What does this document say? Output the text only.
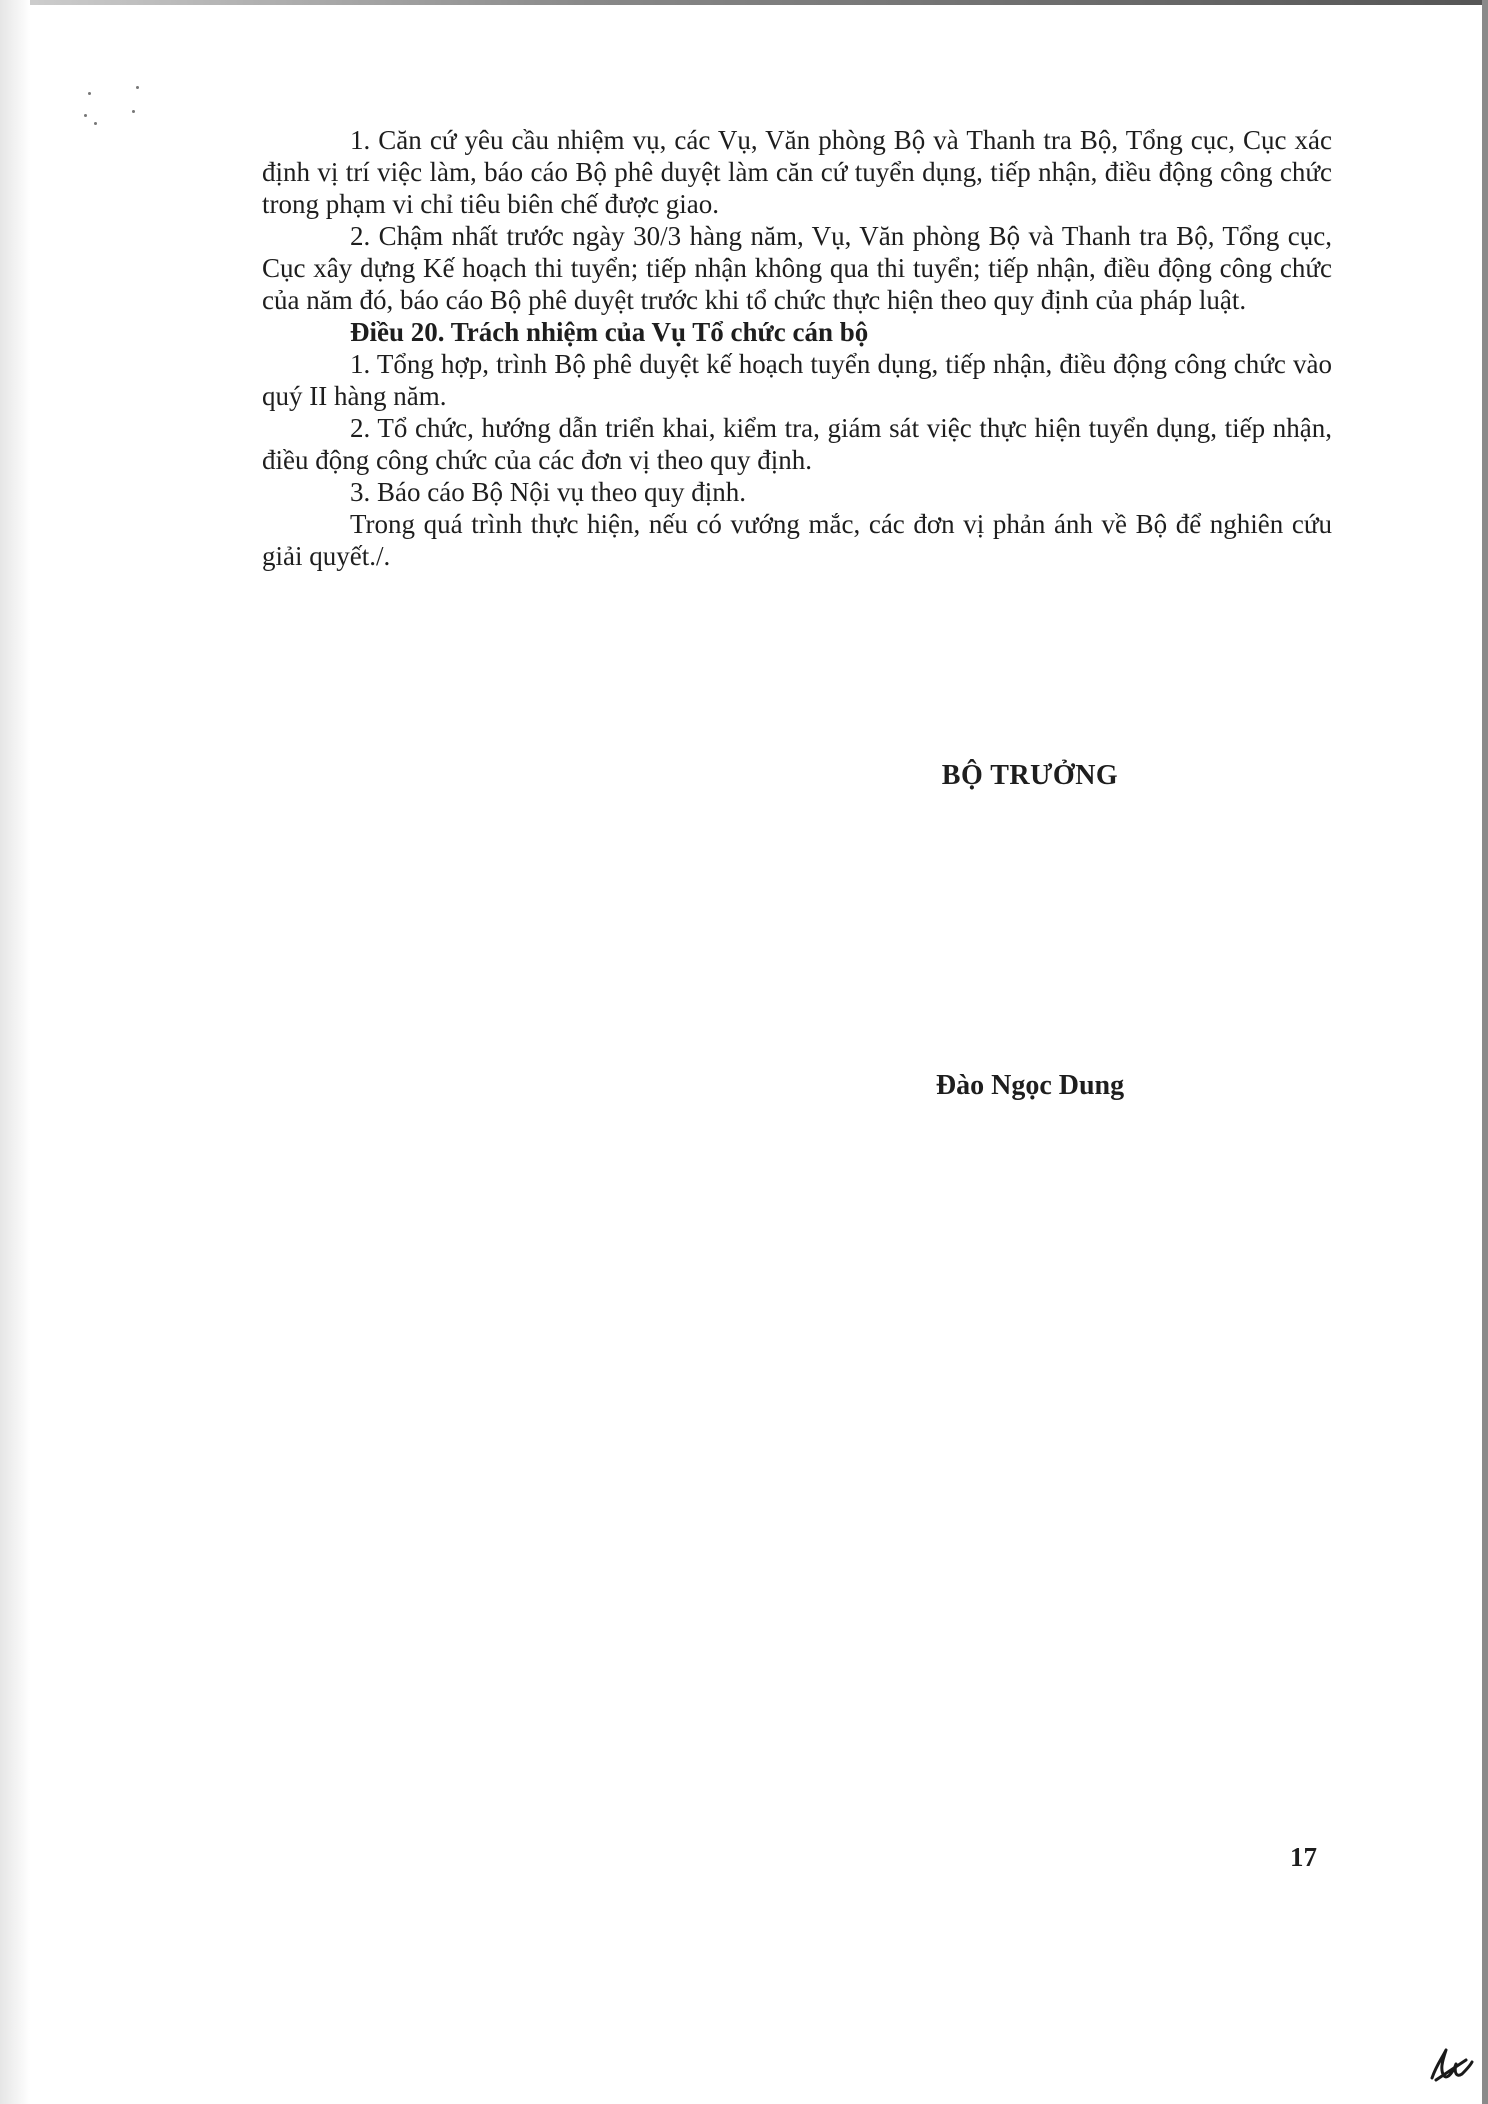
1. Căn cứ yêu cầu nhiệm vụ, các Vụ, Văn phòng Bộ và Thanh tra Bộ, Tổng cục, Cục xác định vị trí việc làm, báo cáo Bộ phê duyệt làm căn cứ tuyển dụng, tiếp nhận, điều động công chức trong phạm vi chỉ tiêu biên chế được giao.

2. Chậm nhất trước ngày 30/3 hàng năm, Vụ, Văn phòng Bộ và Thanh tra Bộ, Tổng cục, Cục xây dựng Kế hoạch thi tuyển; tiếp nhận không qua thi tuyển; tiếp nhận, điều động công chức của năm đó, báo cáo Bộ phê duyệt trước khi tổ chức thực hiện theo quy định của pháp luật.

Điều 20. Trách nhiệm của Vụ Tổ chức cán bộ

1. Tổng hợp, trình Bộ phê duyệt kế hoạch tuyển dụng, tiếp nhận, điều động công chức vào quý II hàng năm.

2. Tổ chức, hướng dẫn triển khai, kiểm tra, giám sát việc thực hiện tuyển dụng, tiếp nhận, điều động công chức của các đơn vị theo quy định.

3. Báo cáo Bộ Nội vụ theo quy định.

Trong quá trình thực hiện, nếu có vướng mắc, các đơn vị phản ánh về Bộ để nghiên cứu giải quyết./.

BỘ TRƯỞNG
Đào Ngọc Dung
17
